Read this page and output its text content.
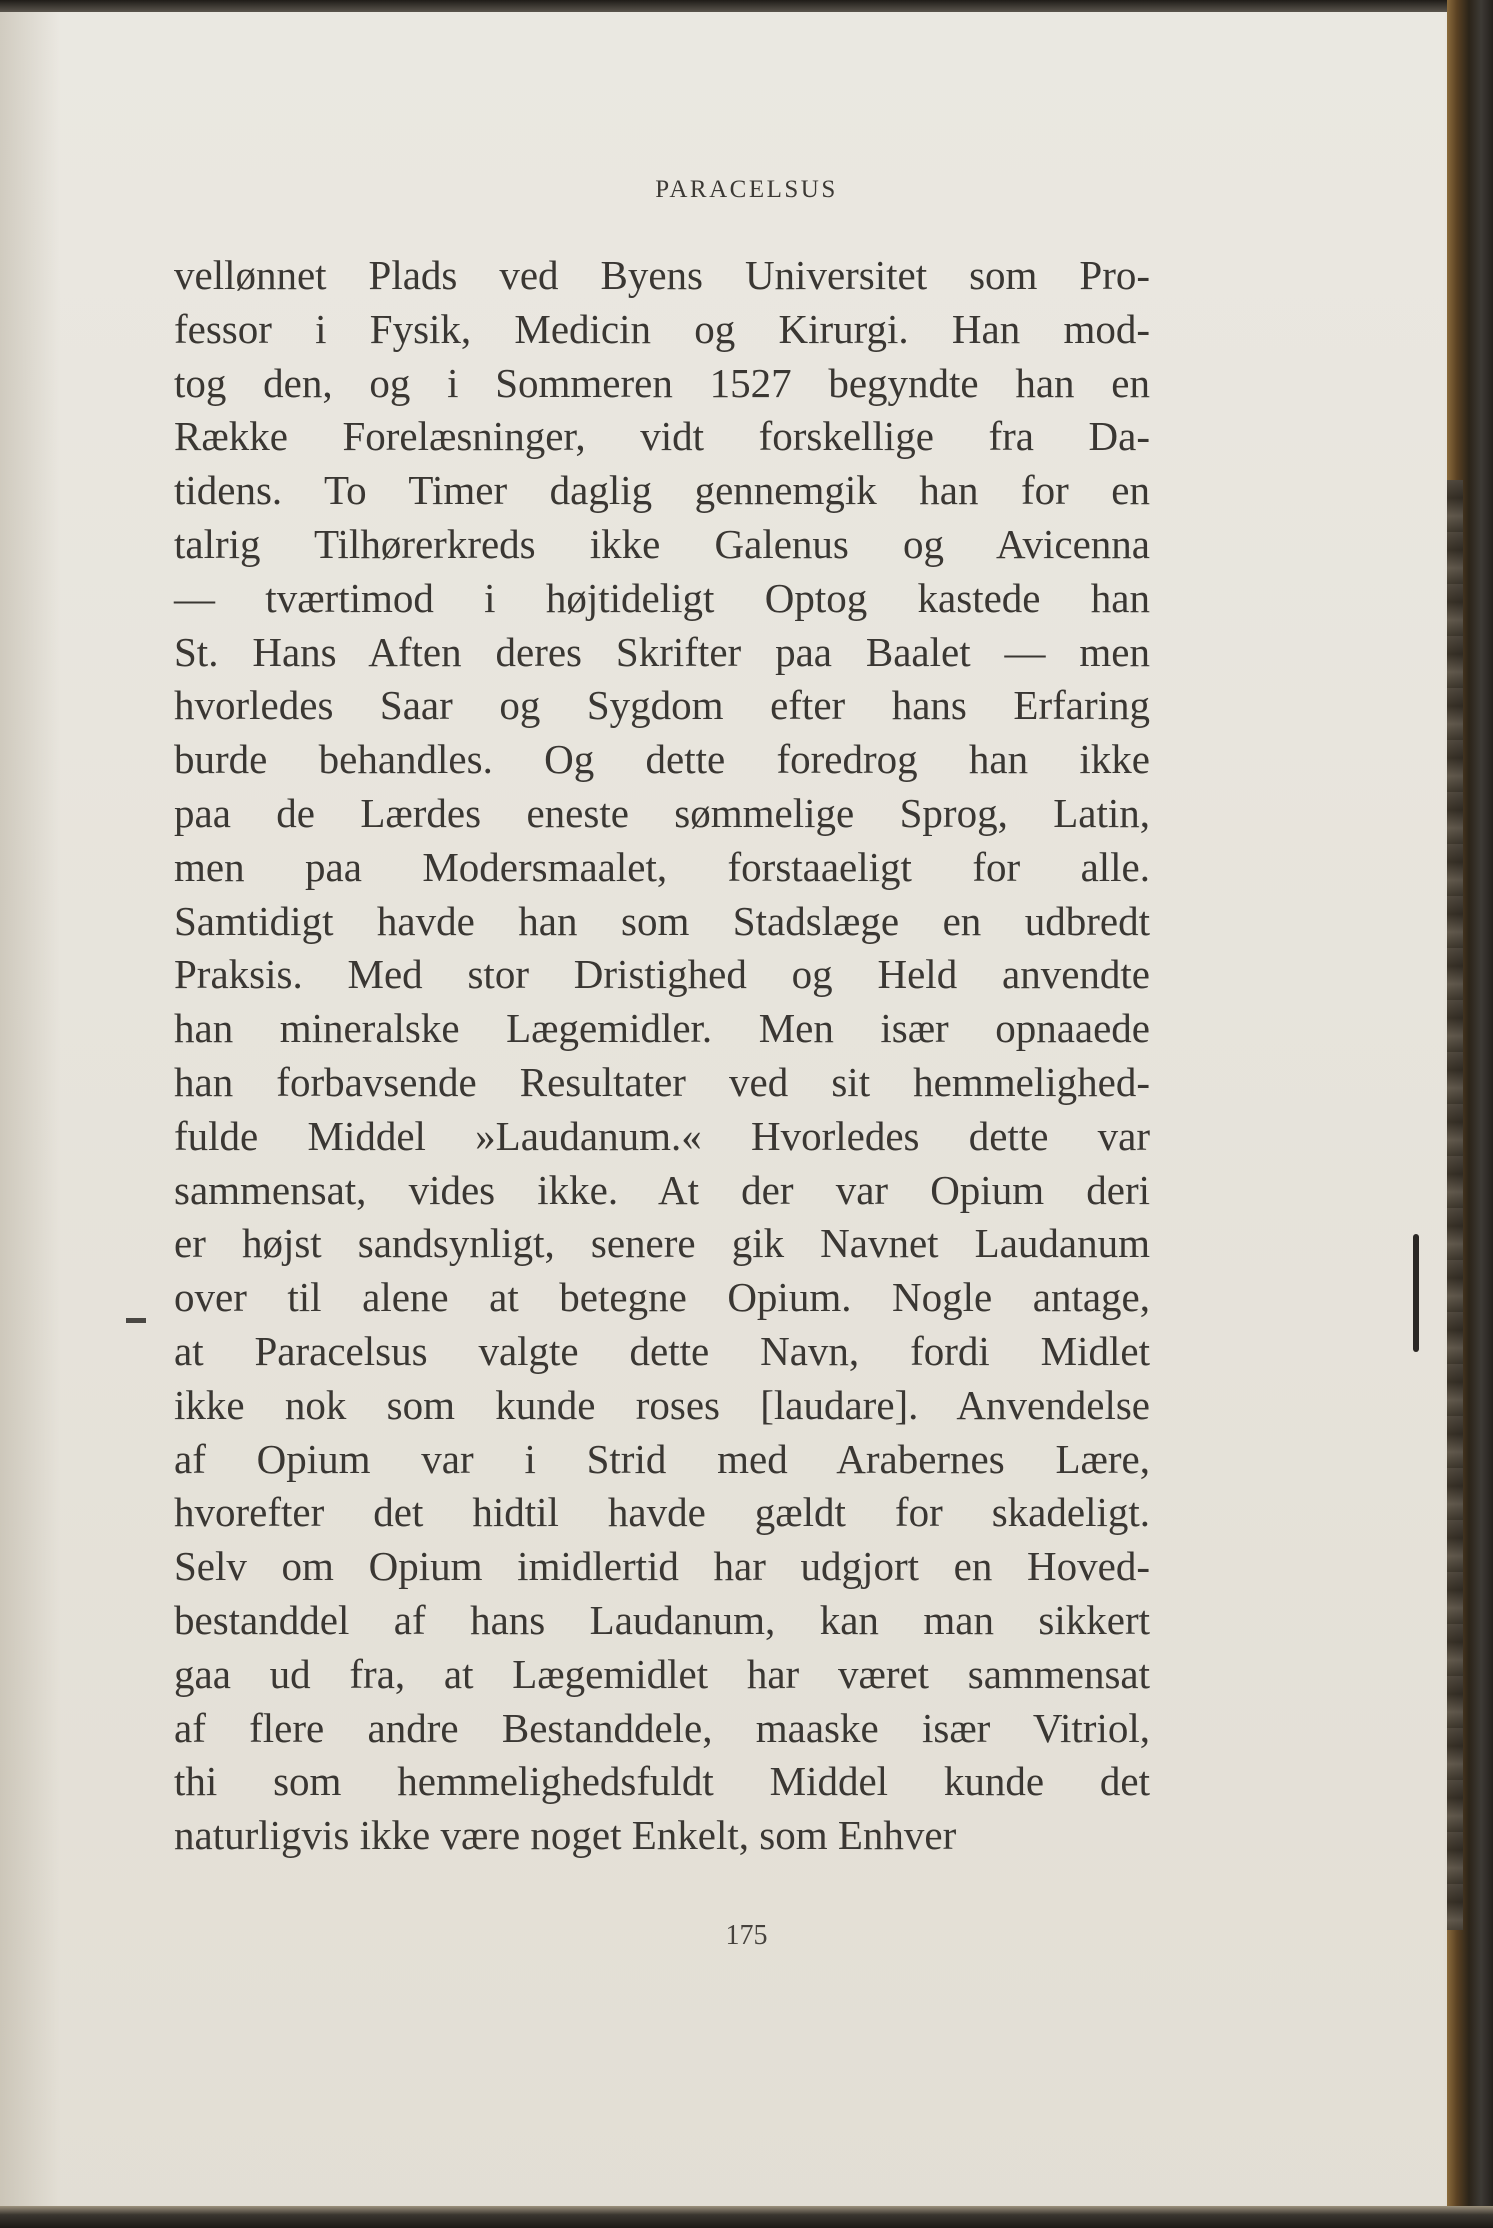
PARACELSUS
vellønnet Plads ved Byens Universitet som Pro-
fessor i Fysik, Medicin og Kirurgi. Han mod-
tog den, og i Sommeren 1527 begyndte han en
Række Forelæsninger, vidt forskellige fra Da-
tidens. To Timer daglig gennemgik han for en
talrig Tilhørerkreds ikke Galenus og Avicenna
— tværtimod i højtideligt Optog kastede han
St. Hans Aften deres Skrifter paa Baalet — men
hvorledes Saar og Sygdom efter hans Erfaring
burde behandles. Og dette foredrog han ikke
paa de Lærdes eneste sømmelige Sprog, Latin,
men paa Modersmaalet, forstaaeligt for alle.
Samtidigt havde han som Stadslæge en udbredt
Praksis. Med stor Dristighed og Held anvendte
han mineralske Lægemidler. Men især opnaaede
han forbavsende Resultater ved sit hemmelighed-
fulde Middel »Laudanum.« Hvorledes dette var
sammensat, vides ikke. At der var Opium deri
er højst sandsynligt, senere gik Navnet Laudanum
over til alene at betegne Opium. Nogle antage,
at Paracelsus valgte dette Navn, fordi Midlet
ikke nok som kunde roses [laudare]. Anvendelse
af Opium var i Strid med Arabernes Lære,
hvorefter det hidtil havde gældt for skadeligt.
Selv om Opium imidlertid har udgjort en Hoved-
bestanddel af hans Laudanum, kan man sikkert
gaa ud fra, at Lægemidlet har været sammensat
af flere andre Bestanddele, maaske især Vitriol,
thi som hemmelighedsfuldt Middel kunde det
naturligvis ikke være noget Enkelt, som Enhver
175
